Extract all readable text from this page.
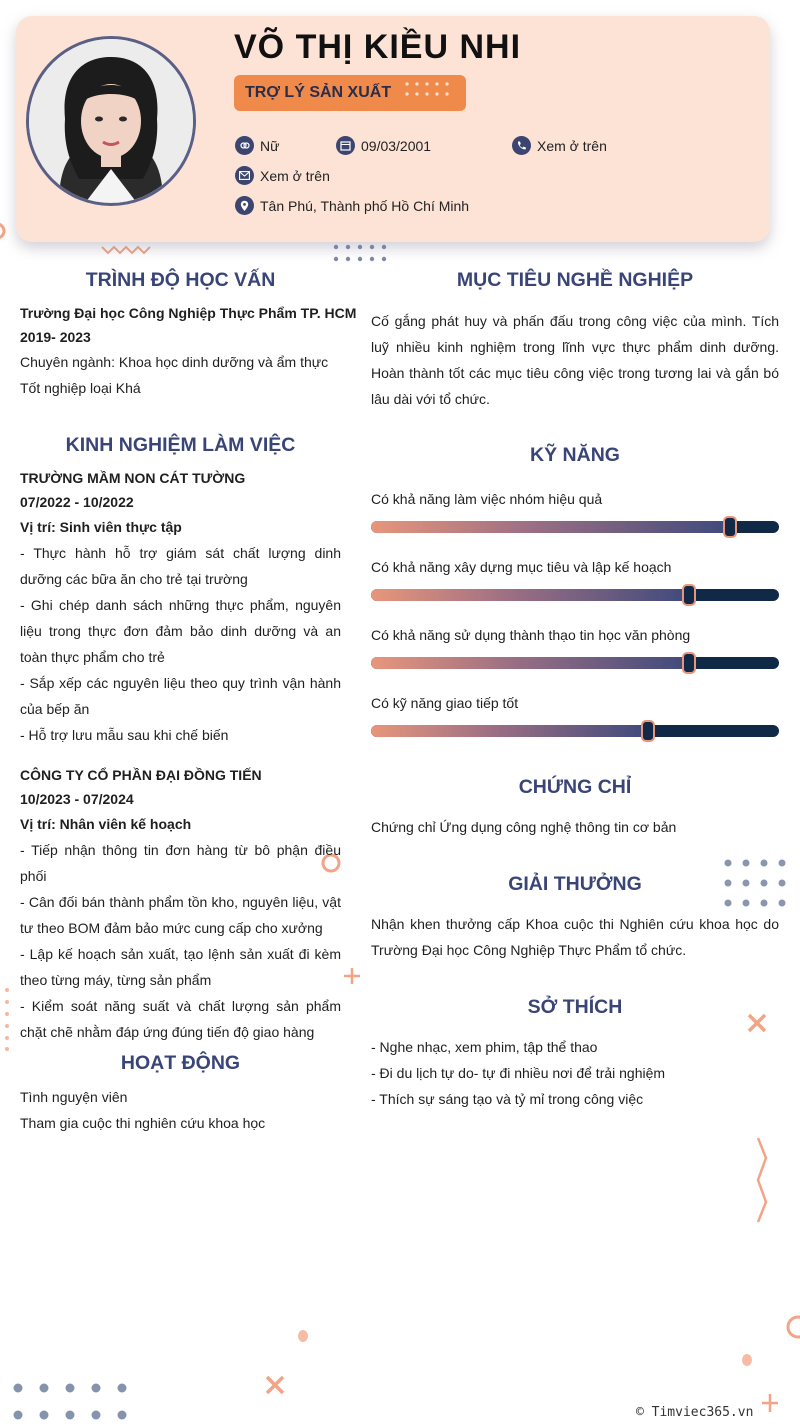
VÕ THỊ KIỀU NHI
TRỢ LÝ SẢN XUẤT
Nữ	09/03/2001	Xem ở trên
Xem ở trên
Tân Phú, Thành phố Hồ Chí Minh
TRÌNH ĐỘ HỌC VẤN
Trường Đại học Công Nghiệp Thực Phẩm TP. HCM
2019- 2023
Chuyên ngành: Khoa học dinh dưỡng và ẩm thực
Tốt nghiệp loại Khá
KINH NGHIỆM LÀM VIỆC
TRƯỜNG MẦM NON CÁT TƯỜNG
07/2022 - 10/2022
Vị trí: Sinh viên thực tập
- Thực hành hỗ trợ giám sát chất lượng dinh dưỡng các bữa ăn cho trẻ tại trường
- Ghi chép danh sách những thực phẩm, nguyên liệu trong thực đơn đảm bảo dinh dưỡng và an toàn thực phẩm cho trẻ
- Sắp xếp các nguyên liệu theo quy trình vận hành của bếp ăn
- Hỗ trợ lưu mẫu sau khi chế biến
CÔNG TY CỔ PHẦN ĐẠI ĐỒNG TIẾN
10/2023 - 07/2024
Vị trí: Nhân viên kế hoạch
- Tiếp nhận thông tin đơn hàng từ bô phận điều phối
- Cân đối bán thành phẩm tồn kho, nguyên liệu, vật tư theo BOM đảm bảo mức cung cấp cho xưởng
- Lập kế hoạch sản xuất, tạo lệnh sản xuất đi kèm theo từng máy, từng sản phẩm
- Kiểm soát năng suất và chất lượng sản phẩm chặt chẽ nhằm đáp ứng đúng tiến độ giao hàng
HOẠT ĐỘNG
Tình nguyện viên
Tham gia cuộc thi nghiên cứu khoa học
MỤC TIÊU NGHỀ NGHIỆP
Cố gắng phát huy và phấn đấu trong công việc của mình. Tích luỹ nhiều kinh nghiệm trong lĩnh vực thực phẩm dinh dưỡng. Hoàn thành tốt các mục tiêu công việc trong tương lai và gắn bó lâu dài với tổ chức.
KỸ NĂNG
Có khả năng làm việc nhóm hiệu quả
Có khả năng xây dựng mục tiêu và lập kế hoạch
Có khả năng sử dụng thành thạo tin học văn phòng
Có kỹ năng giao tiếp tốt
CHỨNG CHỈ
Chứng chỉ Ứng dụng công nghệ thông tin cơ bản
GIẢI THƯỞNG
Nhận khen thưởng cấp Khoa cuộc thi Nghiên cứu khoa học do Trường Đại học Công Nghiệp Thực Phẩm tổ chức.
SỞ THÍCH
- Nghe nhạc, xem phim, tập thể thao
- Đi du lịch tự do- tự đi nhiều nơi để trải nghiệm
- Thích sự sáng tạo và tỷ mỉ trong công việc
© Timviec365.vn
